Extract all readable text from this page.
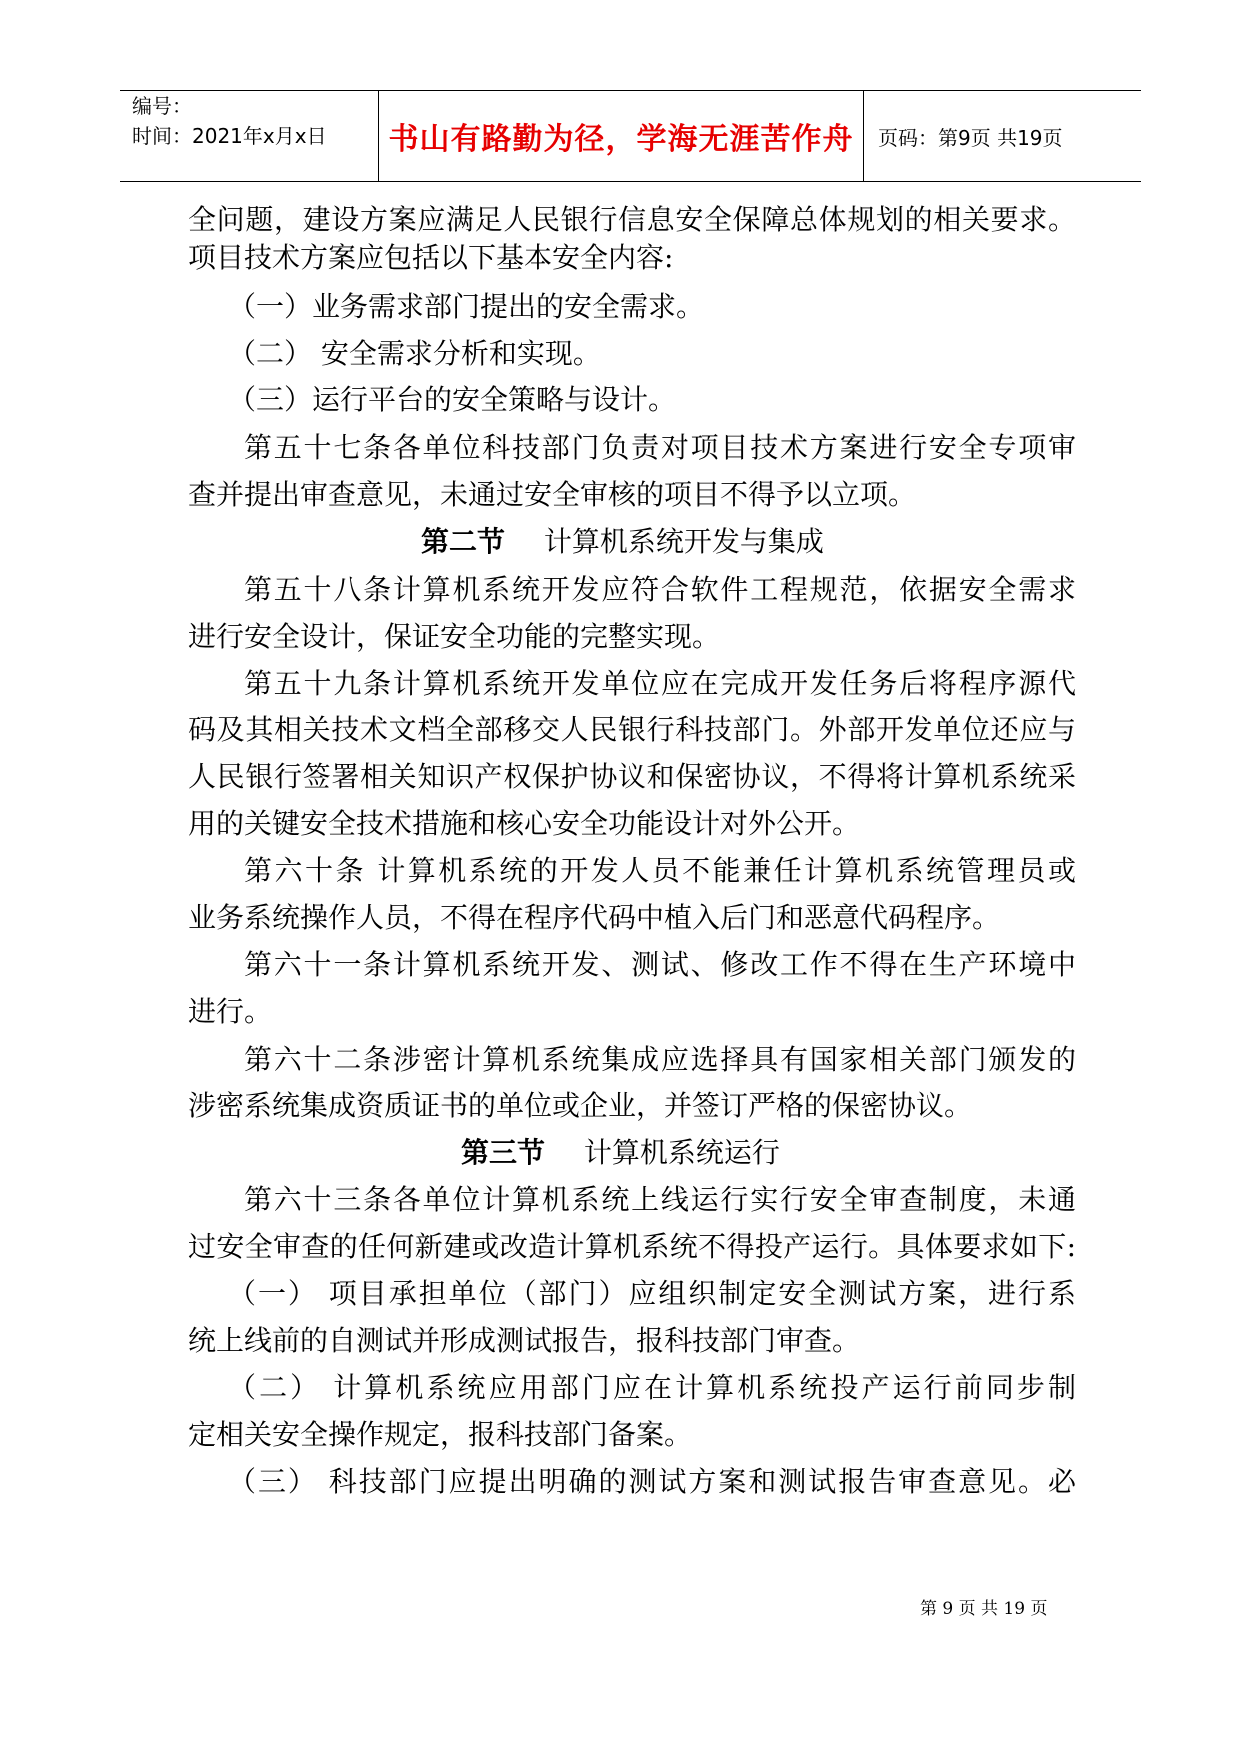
编号：
时间：2021年x月x日	书山有路勤为径，学海无涯苦作舟	页码：第9页 共19页
全问题，建设方案应满足人民银行信息安全保障总体规划的相关要求。
项目技术方案应包括以下基本安全内容:
（一）业务需求部门提出的安全需求。
（二） 安全需求分析和实现。
（三）运行平台的安全策略与设计。
第五十七条各单位科技部门负责对项目技术方案进行安全专项审
查并提出审查意见，未通过安全审核的项目不得予以立项。
第二节 计算机系统开发与集成
第五十八条计算机系统开发应符合软件工程规范，依据安全需求
进行安全设计，保证安全功能的完整实现。
第五十九条计算机系统开发单位应在完成开发任务后将程序源代
码及其相关技术文档全部移交人民银行科技部门。外部开发单位还应与
人民银行签署相关知识产权保护协议和保密协议，不得将计算机系统采
用的关键安全技术措施和核心安全功能设计对外公开。
第六十条 计算机系统的开发人员不能兼任计算机系统管理员或
业务系统操作人员，不得在程序代码中植入后门和恶意代码程序。
第六十一条计算机系统开发、测试、修改工作不得在生产环境中
进行。
第六十二条涉密计算机系统集成应选择具有国家相关部门颁发的
涉密系统集成资质证书的单位或企业，并签订严格的保密协议。
第三节 计算机系统运行
第六十三条各单位计算机系统上线运行实行安全审查制度，未通
过安全审查的任何新建或改造计算机系统不得投产运行。具体要求如下:
（一） 项目承担单位（部门）应组织制定安全测试方案，进行系
统上线前的自测试并形成测试报告，报科技部门审查。
（二） 计算机系统应用部门应在计算机系统投产运行前同步制
定相关安全操作规定，报科技部门备案。
（三） 科技部门应提出明确的测试方案和测试报告审查意见。必
第 9 页 共 19 页
